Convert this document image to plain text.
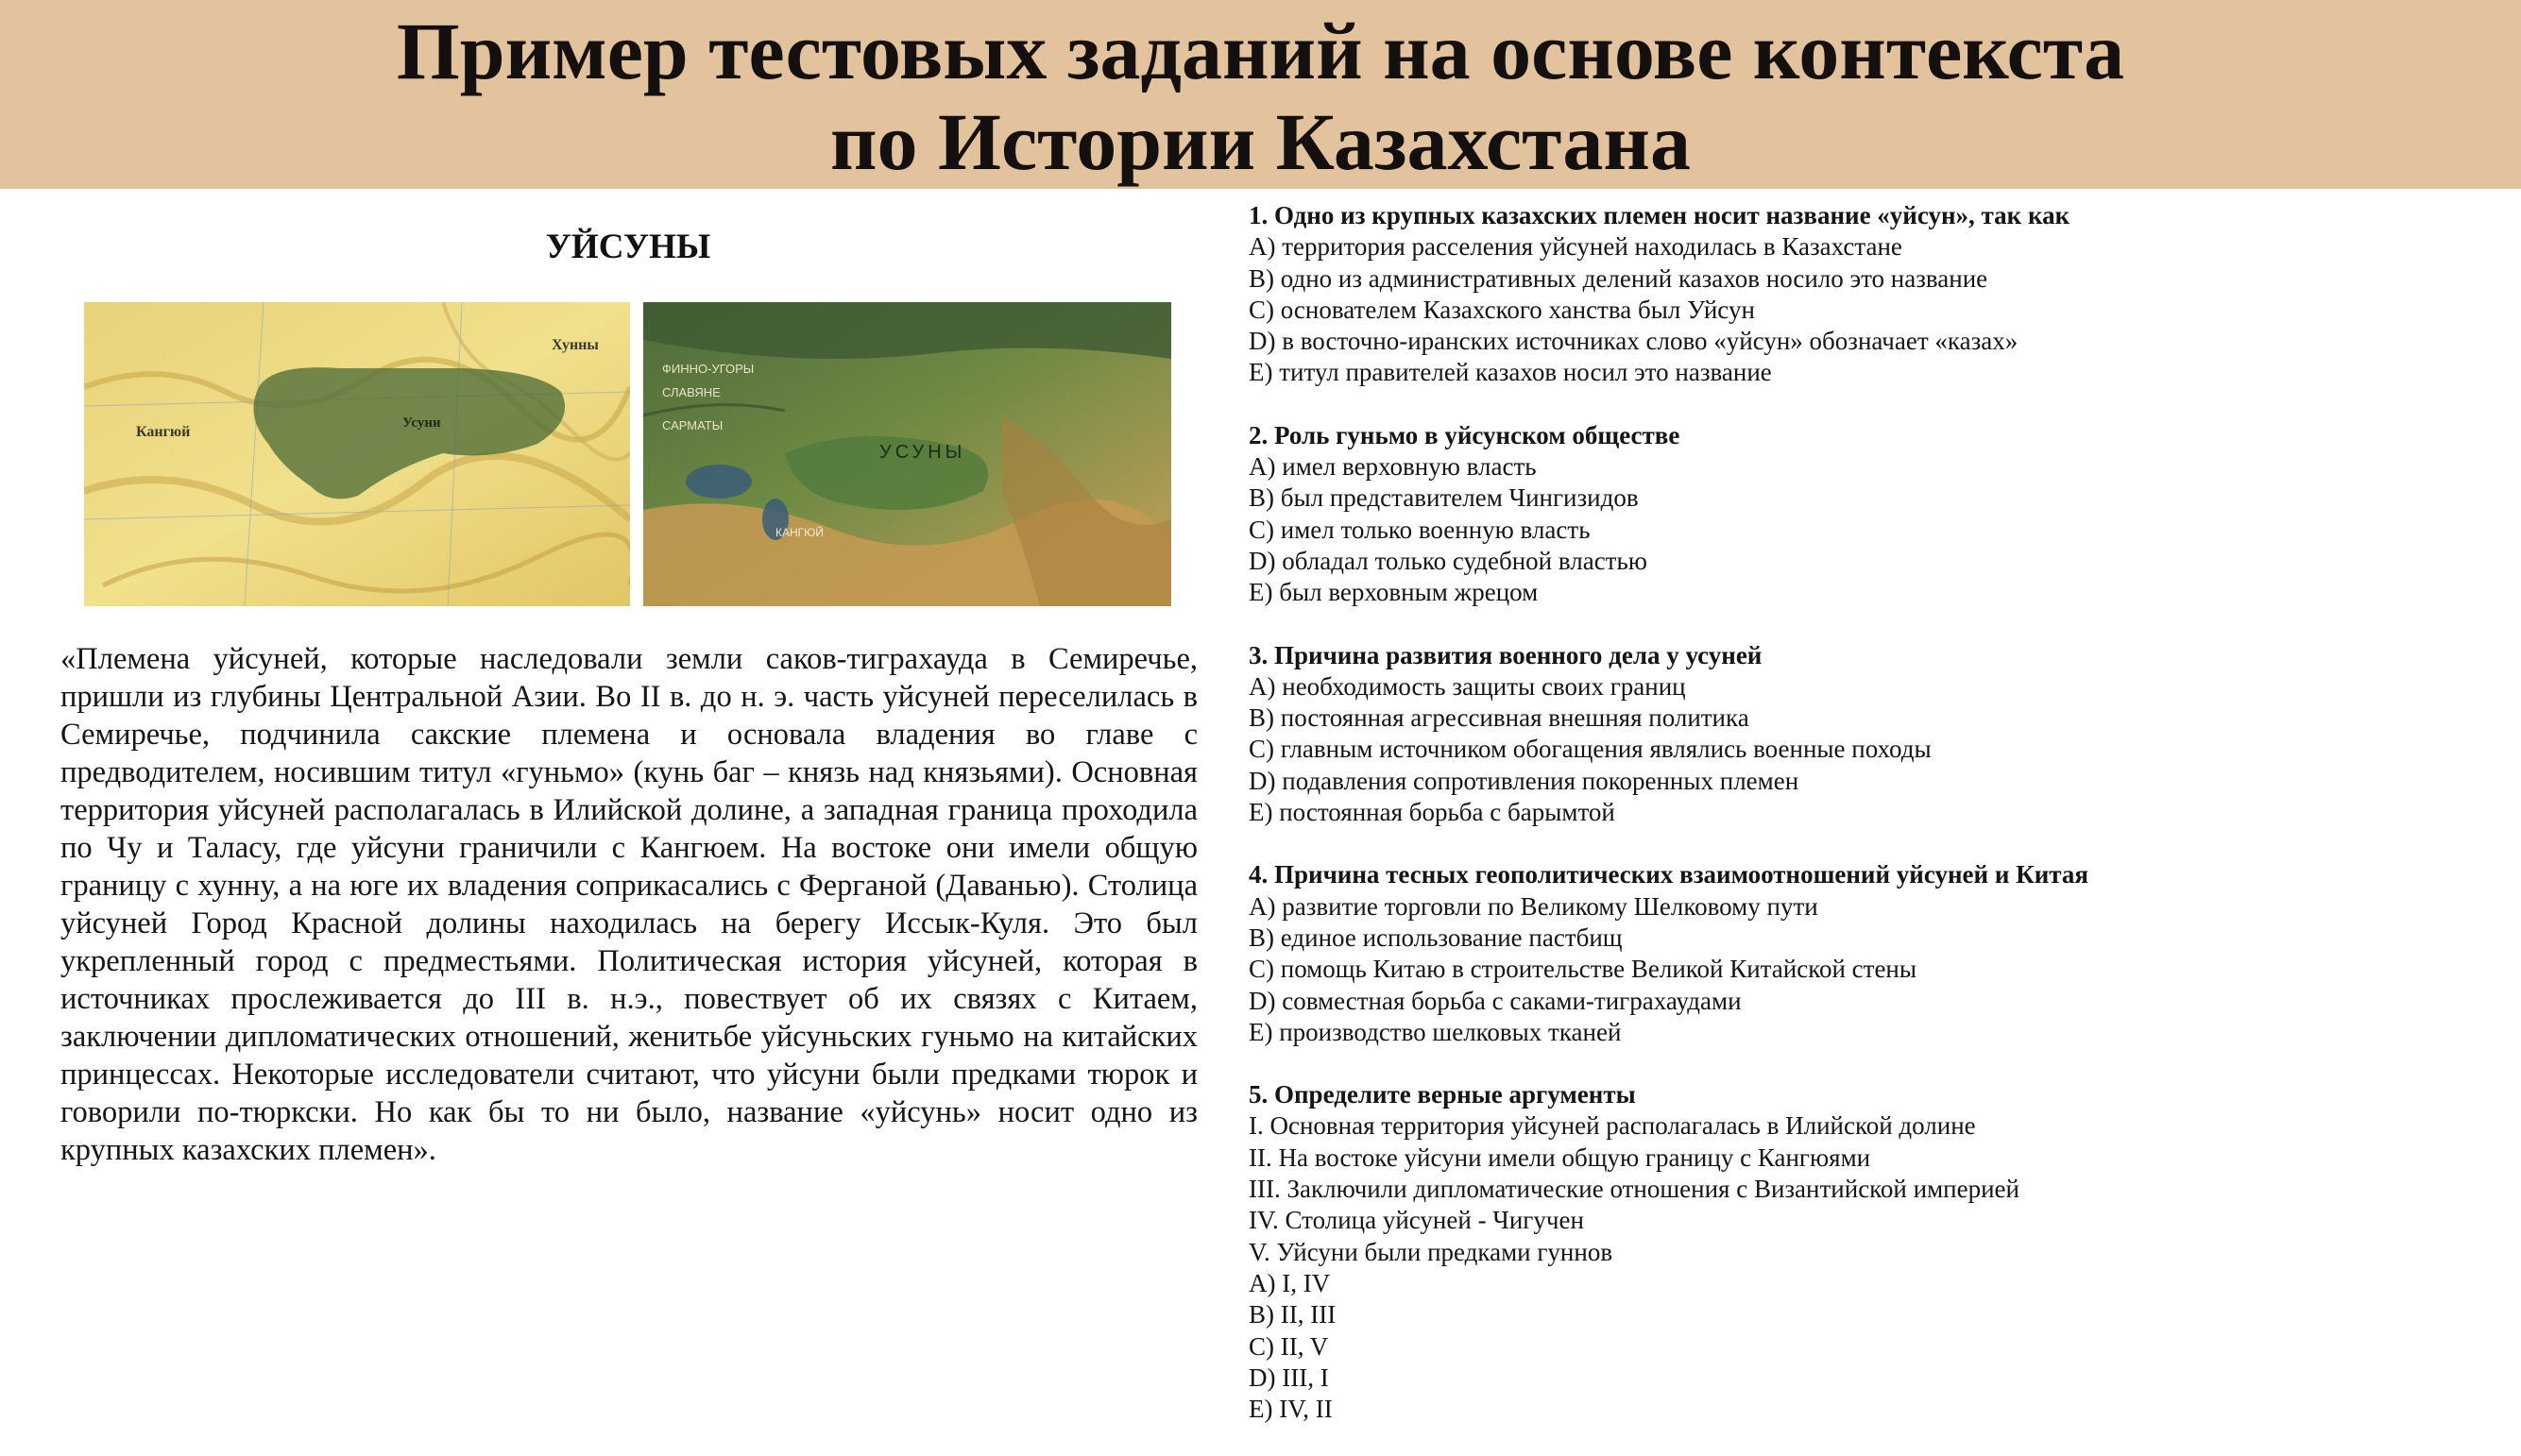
Пример тестовых заданий на основе контекста
по Истории Казахстана
УЙСУНЫ
Хунны
Кангюй
Усуни
ФИННО-УГОРЫ
СЛАВЯНЕ
САРМАТЫ
УСУНЫ
КАНГЮЙ
«Племена уйсуней, которые наследовали земли саков-тиграхауда в Семиречье, пришли из глубины Центральной Азии. Во II в. до н. э. часть уйсуней переселилась в Семиречье, подчинила сакские племена и основала владения во главе с предводителем, носившим титул «гуньмо» (кунь баг – князь над князьями). Основная территория уйсуней располагалась в Илийской долине, а западная граница проходила по Чу и Таласу, где уйсуни граничили с Кангюем. На востоке они имели общую границу с хунну, а на юге их владения соприкасались с Ферганой (Даванью). Столица уйсуней Город Красной долины находилась на берегу Иссык-Куля. Это был укрепленный город с предместьями. Политическая история уйсуней, которая в источниках прослеживается до III в. н.э., повествует об их связях с Китаем, заключении дипломатических отношений, женитьбе уйсуньских гуньмо на китайских принцессах. Некоторые исследователи считают, что уйсуни были предками тюрок и говорили по-тюркски. Но как бы то ни было, название «уйсунь» носит одно из крупных казахских племен».
1. Одно из крупных казахских племен носит название «уйсун», так как
A) территория расселения уйсуней находилась в Казахстане
B) одно из административных делений казахов носило это название
C) основателем Казахского ханства был Уйсун
D) в восточно-иранских источниках слово «уйсун» обозначает «казах»
E) титул правителей казахов носил это название
2. Роль гуньмо в уйсунском обществе
A) имел верховную власть
B) был представителем Чингизидов
C) имел только военную власть
D) обладал только судебной властью
E) был верховным жрецом
3. Причина развития военного дела у усуней
A) необходимость защиты своих границ
B) постоянная агрессивная внешняя политика
C) главным источником обогащения являлись военные походы
D) подавления сопротивления покоренных племен
E) постоянная борьба с барымтой
4. Причина тесных геополитических взаимоотношений уйсуней и Китая
A) развитие торговли по Великому Шелковому пути
B) единое использование пастбищ
C) помощь Китаю в строительстве Великой Китайской стены
D) совместная борьба с саками-тиграхаудами
E) производство шелковых тканей
5. Определите верные аргументы
I. Основная территория уйсуней располагалась в Илийской долине
II. На востоке уйсуни имели общую границу с Кангюями
III. Заключили дипломатические отношения с Византийской империей
IV. Столица уйсуней - Чигучен
V. Уйсуни были предками гуннов
A) I, IV
B) II, III
C) II, V
D) III, I
E) IV, II
